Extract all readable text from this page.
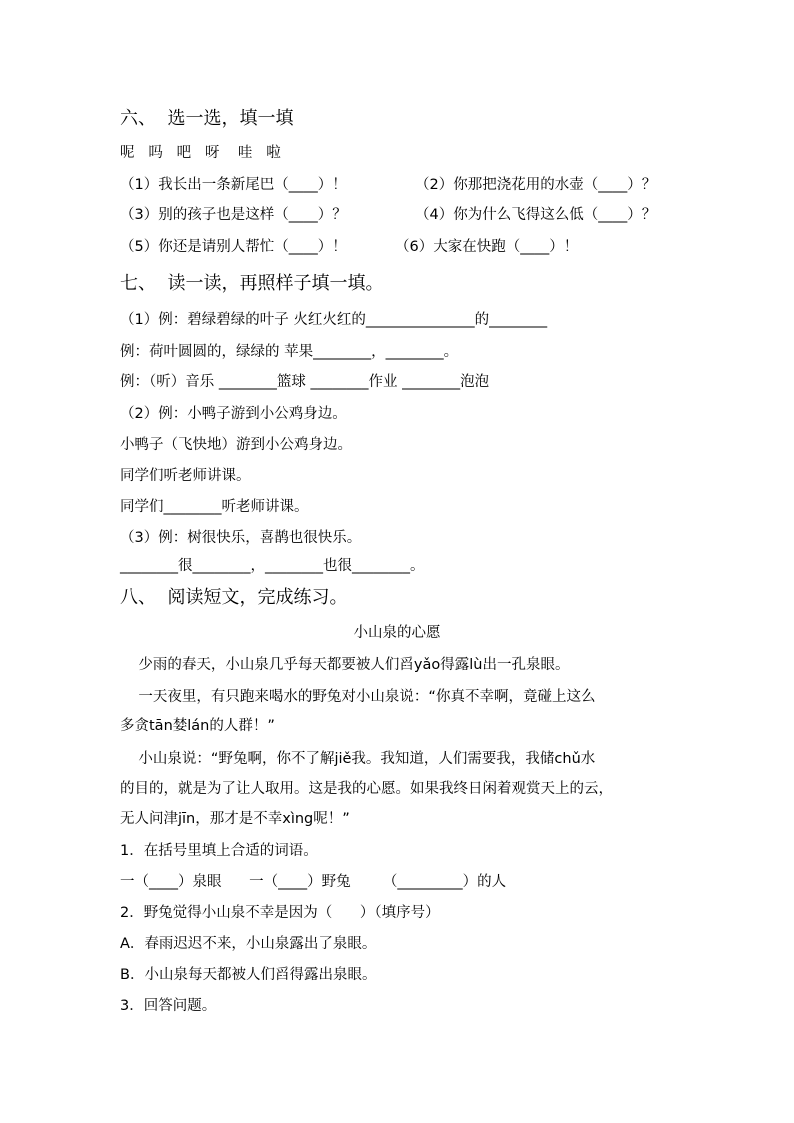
六、  选一选，填一填
呢   吗   吧   呀    哇   啦
（1）我长出一条新尾巴（____）！	（2）你那把浇花用的水壶（____）？
（3）别的孩子也是这样（____）？	（4）你为什么飞得这么低（____）？
（5）你还是请别人帮忙（____）！	（6）大家在快跑（____）！
七、  读一读，再照样子填一填。
（1）例：碧绿碧绿的叶子 火红火红的_______________的________
例：荷叶圆圆的，绿绿的 苹果________，________。
例：（听）音乐 ________篮球 ________作业 ________泡泡
（2）例：小鸭子游到小公鸡身边。
小鸭子（飞快地）游到小公鸡身边。
同学们听老师讲课。
同学们________听老师讲课。
（3）例：树很快乐，喜鹊也很快乐。
________很________，________也很________。
八、  阅读短文，完成练习。
小山泉的心愿
少雨的春天，小山泉几乎每天都要被人们舀yǎo得露lù出一孔泉眼。
一天夜里，有只跑来喝水的野兔对小山泉说：“你真不幸啊，竟碰上这么
多贪tān婪lán的人群！”
小山泉说：“野兔啊，你不了解jiě我。我知道，人们需要我，我储chǔ水
的目的，就是为了让人取用。这是我的心愿。如果我终日闲着观赏天上的云，
无人问津jīn，那才是不幸xìng呢！”
1．在括号里填上合适的词语。
一（____）泉眼      一（____）野兔       （_________）的人
2．野兔觉得小山泉不幸是因为（      ）（填序号）
A．春雨迟迟不来，小山泉露出了泉眼。
B．小山泉每天都被人们舀得露出泉眼。
3．回答问题。
